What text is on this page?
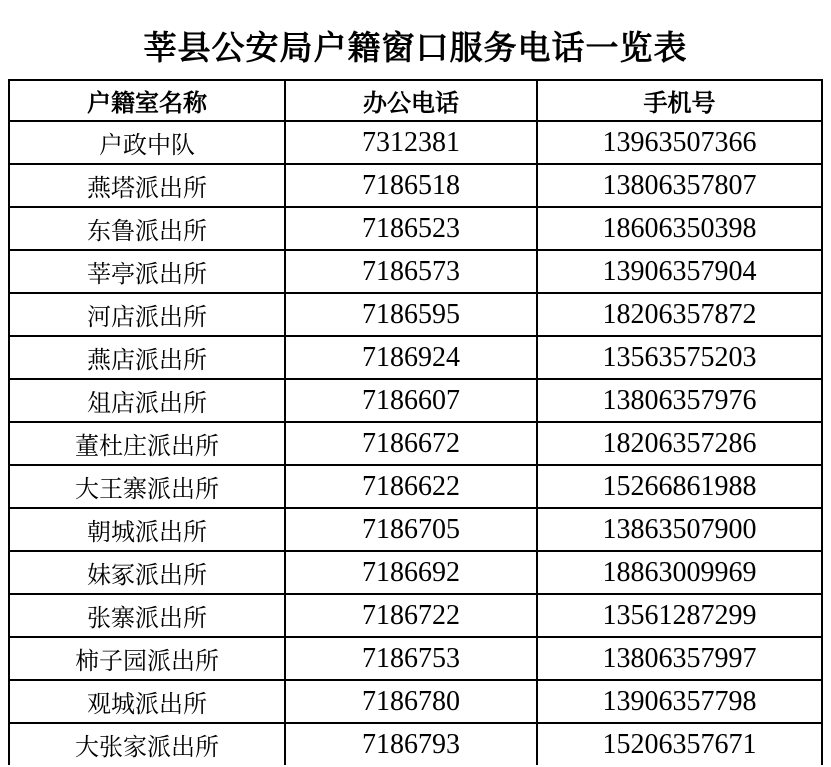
莘县公安局户籍窗口服务电话一览表
户籍室名称	办公电话	手机号
户政中队	7312381	13963507366
燕塔派出所	7186518	13806357807
东鲁派出所	7186523	18606350398
莘亭派出所	7186573	13906357904
河店派出所	7186595	18206357872
燕店派出所	7186924	13563575203
俎店派出所	7186607	13806357976
董杜庄派出所	7186672	18206357286
大王寨派出所	7186622	15266861988
朝城派出所	7186705	13863507900
妹冢派出所	7186692	18863009969
张寨派出所	7186722	13561287299
柿子园派出所	7186753	13806357997
观城派出所	7186780	13906357798
大张家派出所	7186793	15206357671
